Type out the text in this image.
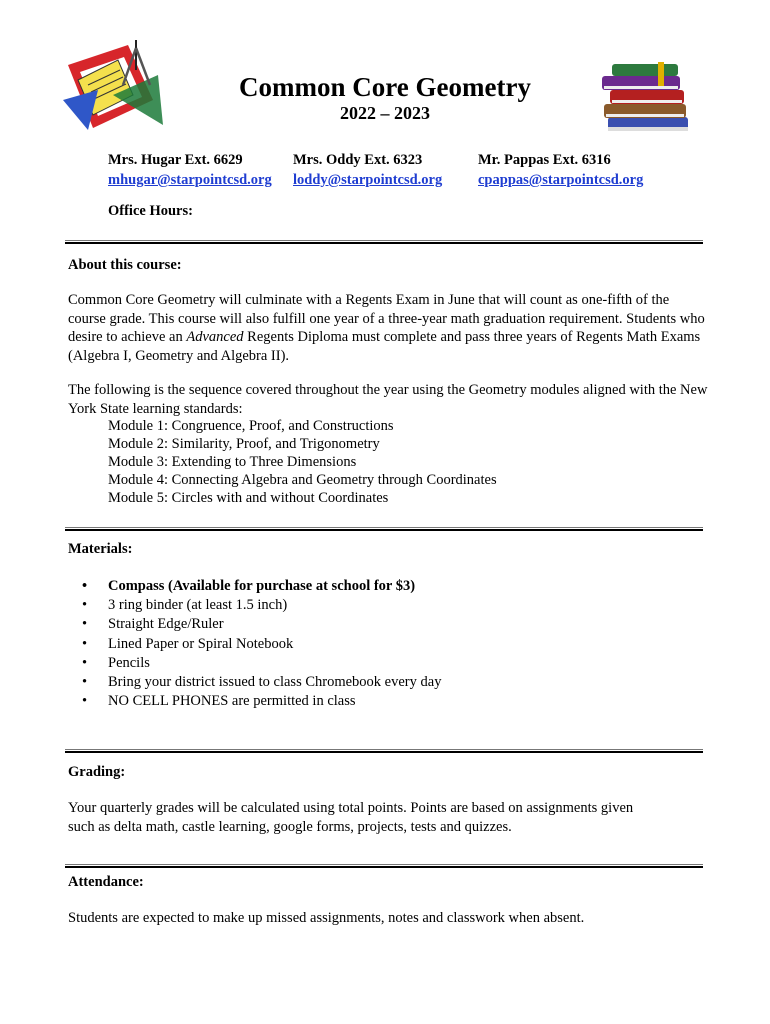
Common Core Geometry
2022 – 2023
Mrs. Hugar Ext. 6629
mhugar@starpointcsd.org
Mrs. Oddy Ext. 6323
loddy@starpointcsd.org
Mr. Pappas Ext. 6316
cpappas@starpointcsd.org
Office Hours:
About this course:
Common Core Geometry will culminate with a Regents Exam in June that will count as one-fifth of the course grade. This course will also fulfill one year of a three-year math graduation requirement. Students who desire to achieve an Advanced Regents Diploma must complete and pass three years of Regents Math Exams (Algebra I, Geometry and Algebra II).
The following is the sequence covered throughout the year using the Geometry modules aligned with the New York State learning standards:
Module 1: Congruence, Proof, and Constructions
Module 2: Similarity, Proof, and Trigonometry
Module 3: Extending to Three Dimensions
Module 4: Connecting Algebra and Geometry through Coordinates
Module 5: Circles with and without Coordinates
Materials:
• Compass (Available for purchase at school for $3)
• 3 ring binder (at least 1.5 inch)
• Straight Edge/Ruler
• Lined Paper or Spiral Notebook
• Pencils
• Bring your district issued to class Chromebook every day
• NO CELL PHONES are permitted in class
Grading:
Your quarterly grades will be calculated using total points. Points are based on assignments given such as delta math, castle learning, google forms, projects, tests and quizzes.
Attendance:
Students are expected to make up missed assignments, notes and classwork when absent.
